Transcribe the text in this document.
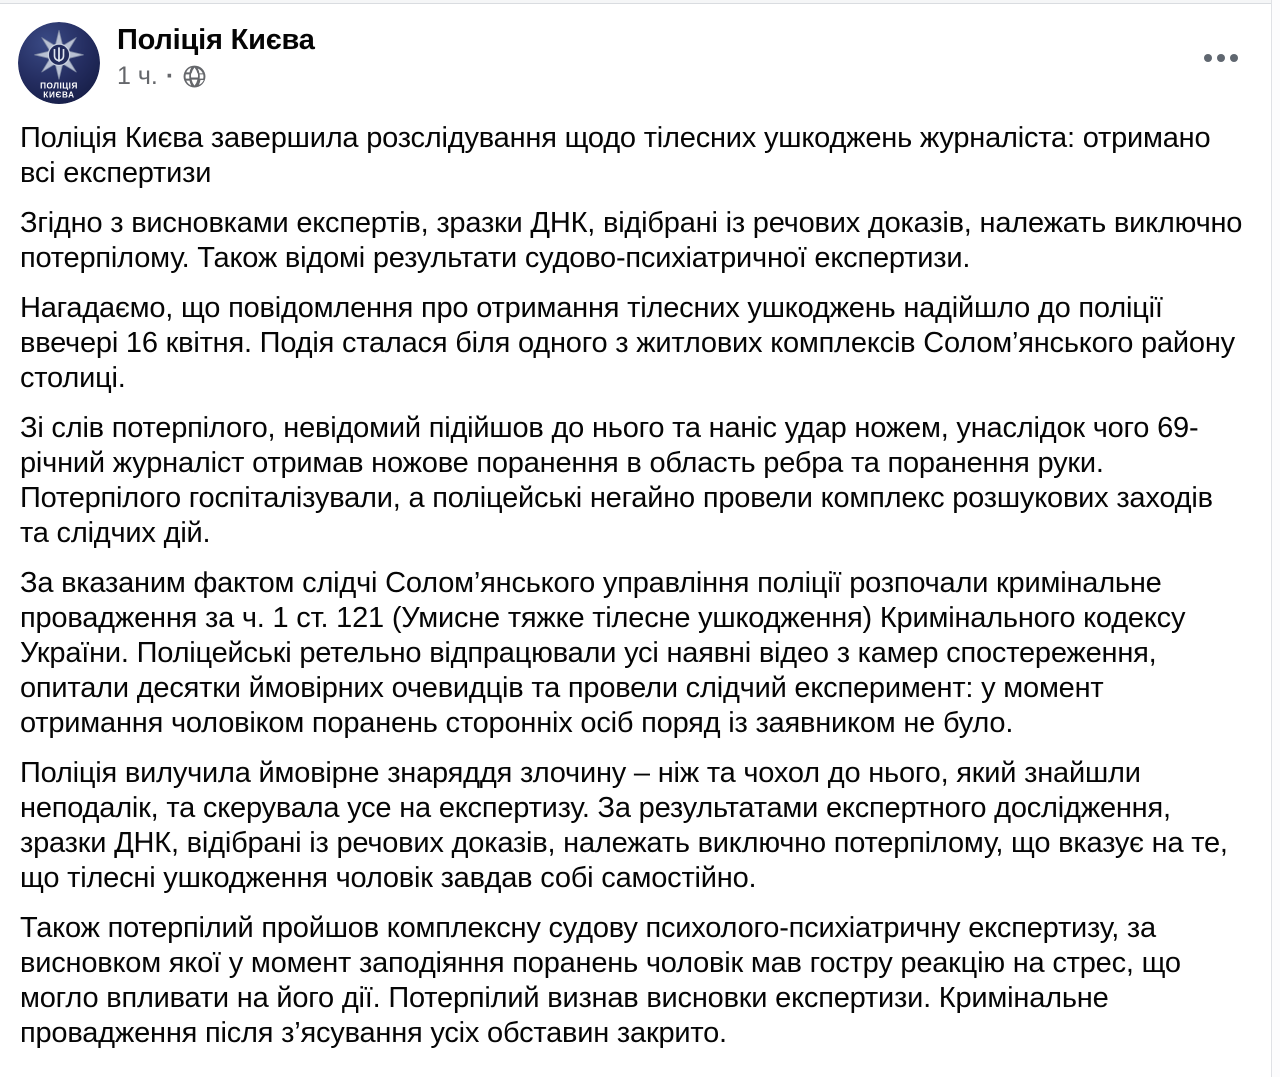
ПОЛІЦІЯ
КИЄВА
Поліція Києва
1 ч. ·

Поліція Києва завершила розслідування щодо тілесних ушкоджень журналіста: отримано всі експертизи

Згідно з висновками експертів, зразки ДНК, відібрані із речових доказів, належать виключно потерпілому. Також відомі результати судово-психіатричної експертизи.

Нагадаємо, що повідомлення про отримання тілесних ушкоджень надійшло до поліції ввечері 16 квітня. Подія сталася біля одного з житлових комплексів Солом’янського району столиці.

Зі слів потерпілого, невідомий підійшов до нього та наніс удар ножем, унаслідок чого 69-річний журналіст отримав ножове поранення в область ребра та поранення руки. Потерпілого госпіталізували, а поліцейські негайно провели комплекс розшукових заходів та слідчих дій.

За вказаним фактом слідчі Солом’янського управління поліції розпочали кримінальне провадження за ч. 1 ст. 121 (Умисне тяжке тілесне ушкодження) Кримінального кодексу України. Поліцейські ретельно відпрацювали усі наявні відео з камер спостереження, опитали десятки ймовірних очевидців та провели слідчий експеримент: у момент отримання чоловіком поранень сторонніх осіб поряд із заявником не було.

Поліція вилучила ймовірне знаряддя злочину – ніж та чохол до нього, який знайшли неподалік, та скерувала усе на експертизу. За результатами експертного дослідження, зразки ДНК, відібрані із речових доказів, належать виключно потерпілому, що вказує на те, що тілесні ушкодження чоловік завдав собі самостійно.

Також потерпілий пройшов комплексну судову психолого-психіатричну експертизу, за висновком якої у момент заподіяння поранень чоловік мав гостру реакцію на стрес, що могло впливати на його дії. Потерпілий визнав висновки експертизи. Кримінальне провадження після з’ясування усіх обставин закрито.
